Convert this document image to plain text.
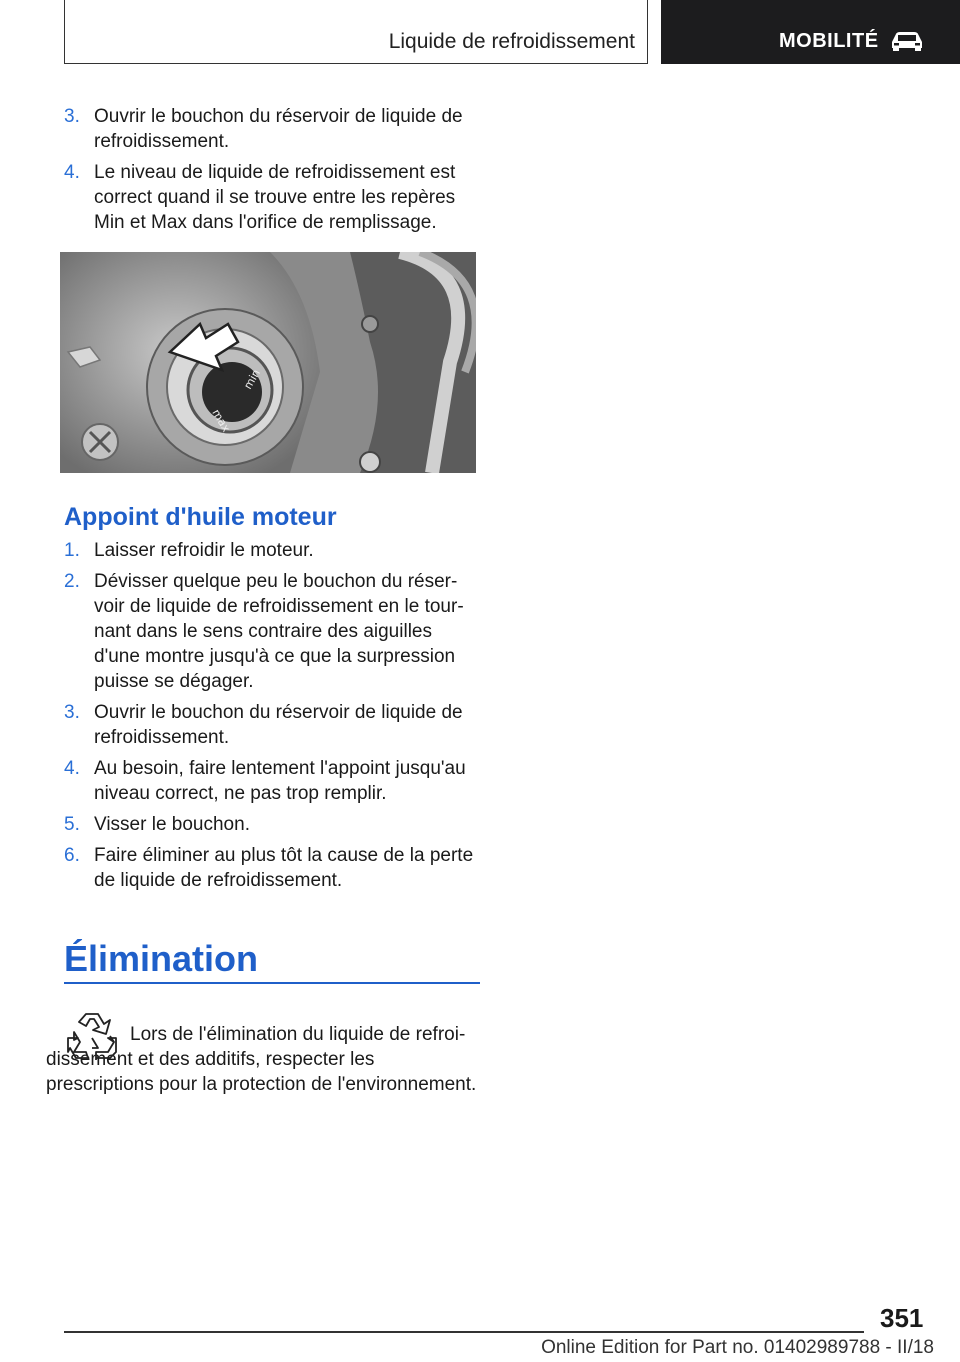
Liquide de refroidissement	MOBILITÉ
3. Ouvrir le bouchon du réservoir de liquide de refroidissement.
4. Le niveau de liquide de refroidissement est correct quand il se trouve entre les repères Min et Max dans l'orifice de remplissage.
min
max
Appoint d'huile moteur
1. Laisser refroidir le moteur.
2. Dévisser quelque peu le bouchon du réservoir de liquide de refroidissement en le tournant dans le sens contraire des aiguilles d'une montre jusqu'à ce que la surpression puisse se dégager.
3. Ouvrir le bouchon du réservoir de liquide de refroidissement.
4. Au besoin, faire lentement l'appoint jusqu'au niveau correct, ne pas trop remplir.
5. Visser le bouchon.
6. Faire éliminer au plus tôt la cause de la perte de liquide de refroidissement.
Élimination

Lors de l'élimination du liquide de refroidissement et des additifs, respecter les prescriptions pour la protection de l'environnement.

351
Online Edition for Part no. 01402989788 - II/18
